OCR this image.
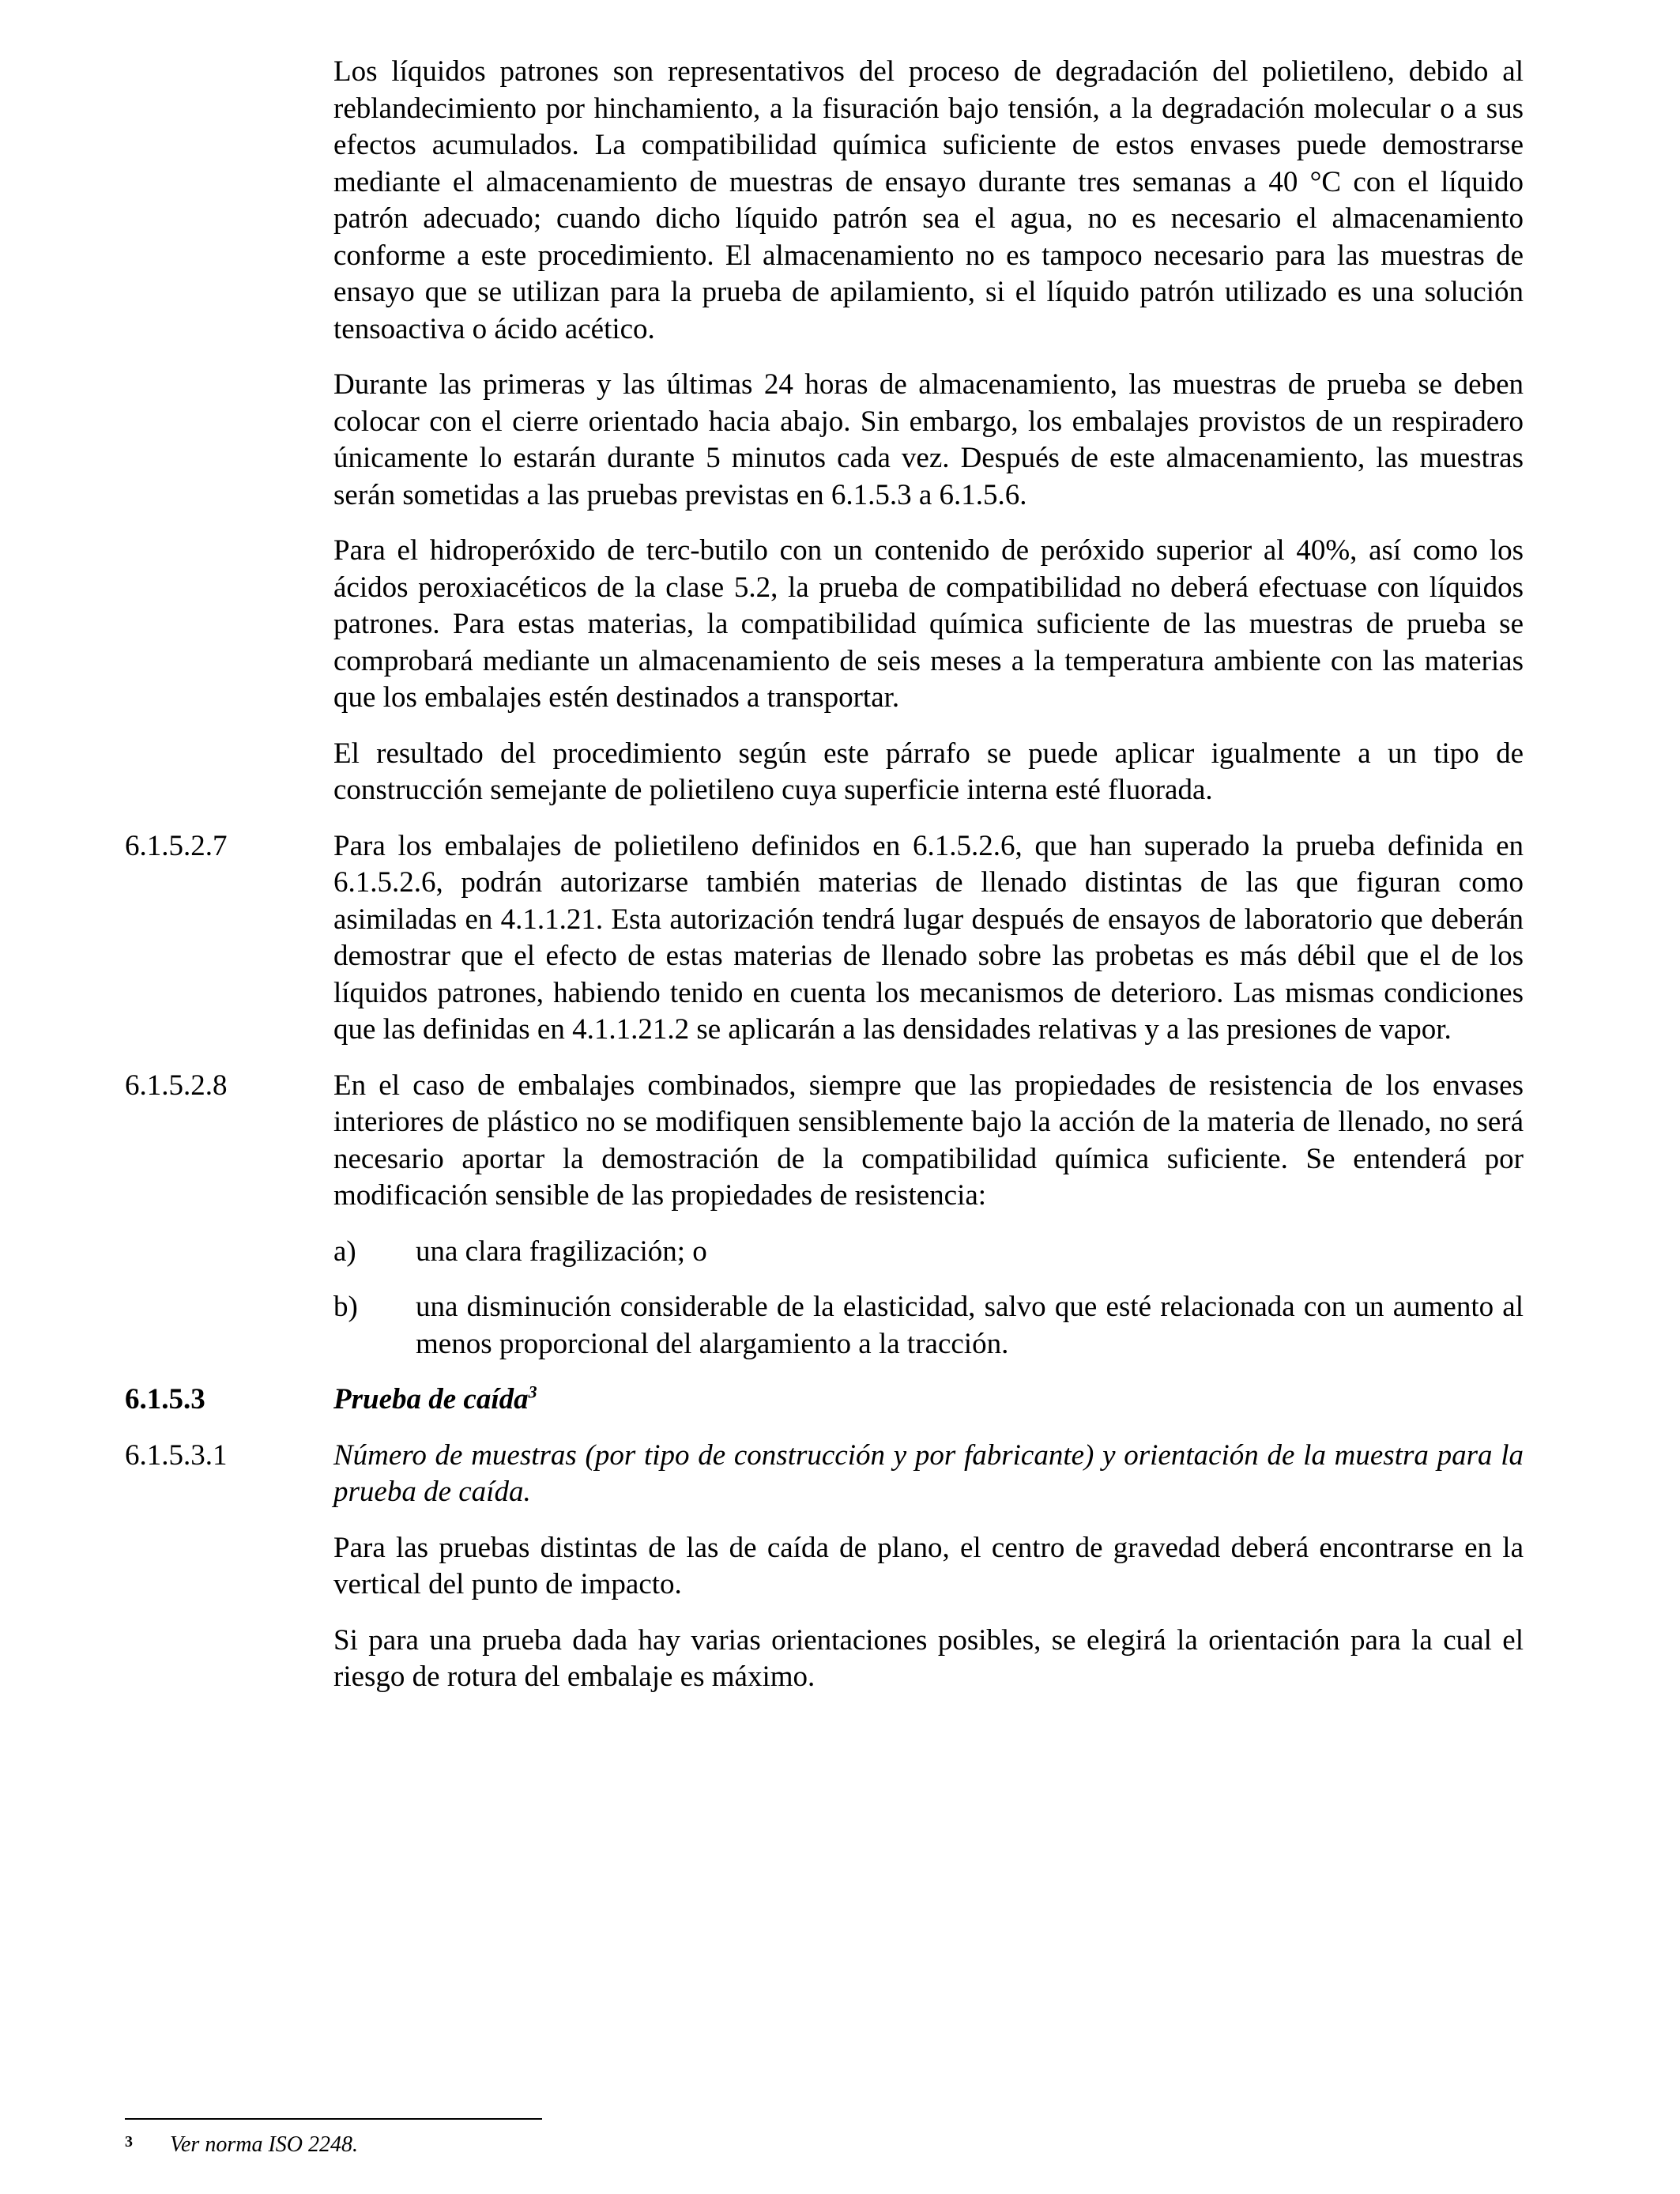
Los líquidos patrones son representativos del proceso de degradación del polietileno, debido al reblandecimiento por hinchamiento, a la fisuración bajo tensión, a la degradación molecular o a sus efectos acumulados. La compatibilidad química suficiente de estos envases puede demostrarse mediante el almacenamiento de muestras de ensayo durante tres semanas a 40 °C con el líquido patrón adecuado; cuando dicho líquido patrón sea el agua, no es necesario el almacenamiento conforme a este procedimiento. El almacenamiento no es tampoco necesario para las muestras de ensayo que se utilizan para la prueba de apilamiento, si el líquido patrón utilizado es una solución tensoactiva o ácido acético.

Durante las primeras y las últimas 24 horas de almacenamiento, las muestras de prueba se deben colocar con el cierre orientado hacia abajo. Sin embargo, los embalajes provistos de un respiradero únicamente lo estarán durante 5 minutos cada vez. Después de este almacenamiento, las muestras serán sometidas a las pruebas previstas en 6.1.5.3 a 6.1.5.6.

Para el hidroperóxido de terc-butilo con un contenido de peróxido superior al 40%, así como los ácidos peroxiacéticos de la clase 5.2, la prueba de compatibilidad no deberá efectuase con líquidos patrones. Para estas materias, la compatibilidad química suficiente de las muestras de prueba se comprobará mediante un almacenamiento de seis meses a la temperatura ambiente con las materias que los embalajes estén destinados a transportar.

El resultado del procedimiento según este párrafo se puede aplicar igualmente a un tipo de construcción semejante de polietileno cuya superficie interna esté fluorada.

6.1.5.2.7	Para los embalajes de polietileno definidos en 6.1.5.2.6, que han superado la prueba definida en 6.1.5.2.6, podrán autorizarse también materias de llenado distintas de las que figuran como asimiladas en 4.1.1.21. Esta autorización tendrá lugar después de ensayos de laboratorio que deberán demostrar que el efecto de estas materias de llenado sobre las probetas es más débil que el de los líquidos patrones, habiendo tenido en cuenta los mecanismos de deterioro. Las mismas condiciones que las definidas en 4.1.1.21.2 se aplicarán a las densidades relativas y a las presiones de vapor.
6.1.5.2.8	En el caso de embalajes combinados, siempre que las propiedades de resistencia de los envases interiores de plástico no se modifiquen sensiblemente bajo la acción de la materia de llenado, no será necesario aportar la demostración de la compatibilidad química suficiente. Se entenderá por modificación sensible de las propiedades de resistencia:
a)	una clara fragilización; o
b)	una disminución considerable de la elasticidad, salvo que esté relacionada con un aumento al menos proporcional del alargamiento a la tracción.
6.1.5.3	Prueba de caída$^3$
6.1.5.3.1	Número de muestras (por tipo de construcción y por fabricante) y orientación de la muestra para la prueba de caída.

Para las pruebas distintas de las de caída de plano, el centro de gravedad deberá encontrarse en la vertical del punto de impacto.

Si para una prueba dada hay varias orientaciones posibles, se elegirá la orientación para la cual el riesgo de rotura del embalaje es máximo.

3 Ver norma ISO 2248.
